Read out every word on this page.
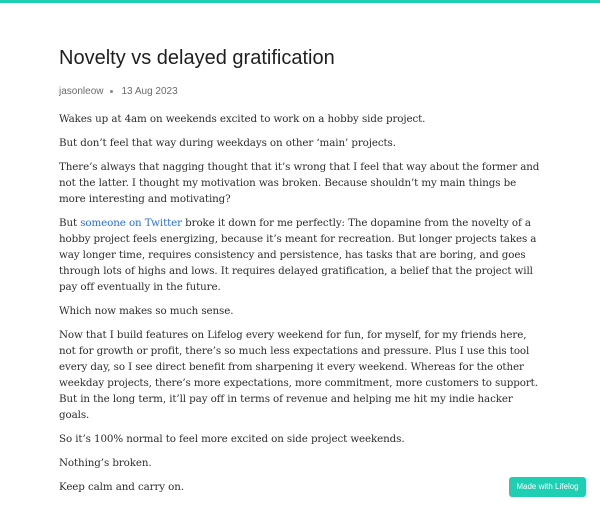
Novelty vs delayed gratification
jasonleow 13 Aug 2023

Wakes up at 4am on weekends excited to work on a hobby side project.

But don’t feel that way during weekdays on other ‘main’ projects.

There’s always that nagging thought that it’s wrong that I feel that way about the former and not the latter. I thought my motivation was broken. Because shouldn’t my main things be more interesting and motivating?

But someone on Twitter broke it down for me perfectly: The dopamine from the novelty of a hobby project feels energizing, because it’s meant for recreation. But longer projects takes a way longer time, requires consistency and persistence, has tasks that are boring, and goes through lots of highs and lows. It requires delayed gratification, a belief that the project will pay off eventually in the future.

Which now makes so much sense.

Now that I build features on Lifelog every weekend for fun, for myself, for my friends here, not for growth or profit, there’s so much less expectations and pressure. Plus I use this tool every day, so I see direct benefit from sharpening it every weekend. Whereas for the other weekday projects, there’s more expectations, more commitment, more customers to support. But in the long term, it’ll pay off in terms of revenue and helping me hit my indie hacker goals.

So it’s 100% normal to feel more excited on side project weekends.

Nothing’s broken.

Keep calm and carry on.	Made with Lifelog
